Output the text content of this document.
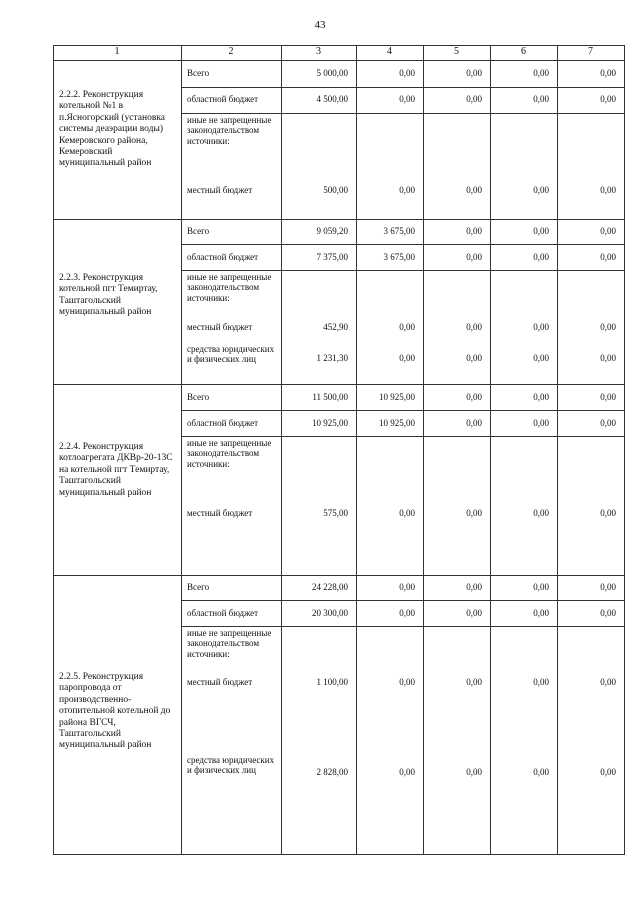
43
1	2	3	4	5	6	7
2.2.2. Реконструкция котельной №1 в п.Ясногорский (установка системы деаэрации воды) Кемеровского района, Кемеровский муниципальный район
Всего	5 000,00	0,00	0,00	0,00	0,00
областной бюджет	4 500,00	0,00	0,00	0,00	0,00
иные не запрещенные законодательством источники:
местный бюджет	500,00	0,00	0,00	0,00	0,00
2.2.3. Реконструкция котельной пгт Темиртау, Таштагольский муниципальный район
Всего	9 059,20	3 675,00	0,00	0,00	0,00
областной бюджет	7 375,00	3 675,00	0,00	0,00	0,00
иные не запрещенные законодательством источники:
местный бюджет	452,90	0,00	0,00	0,00	0,00
средства юридических и физических лиц	1 231,30	0,00	0,00	0,00	0,00
2.2.4. Реконструкция котлоагрегата ДКВр-20-13С на котельной пгт Темиртау, Таштагольский муниципальный район
Всего	11 500,00	10 925,00	0,00	0,00	0,00
областной бюджет	10 925,00	10 925,00	0,00	0,00	0,00
иные не запрещенные законодательством источники:
местный бюджет	575,00	0,00	0,00	0,00	0,00
2.2.5. Реконструкция паропровода от производственно-отопительной котельной до района ВГСЧ, Таштагольский муниципальный район
Всего	24 228,00	0,00	0,00	0,00	0,00
областной бюджет	20 300,00	0,00	0,00	0,00	0,00
иные не запрещенные законодательством источники:
местный бюджет	1 100,00	0,00	0,00	0,00	0,00
средства юридических и физических лиц	2 828,00	0,00	0,00	0,00	0,00
